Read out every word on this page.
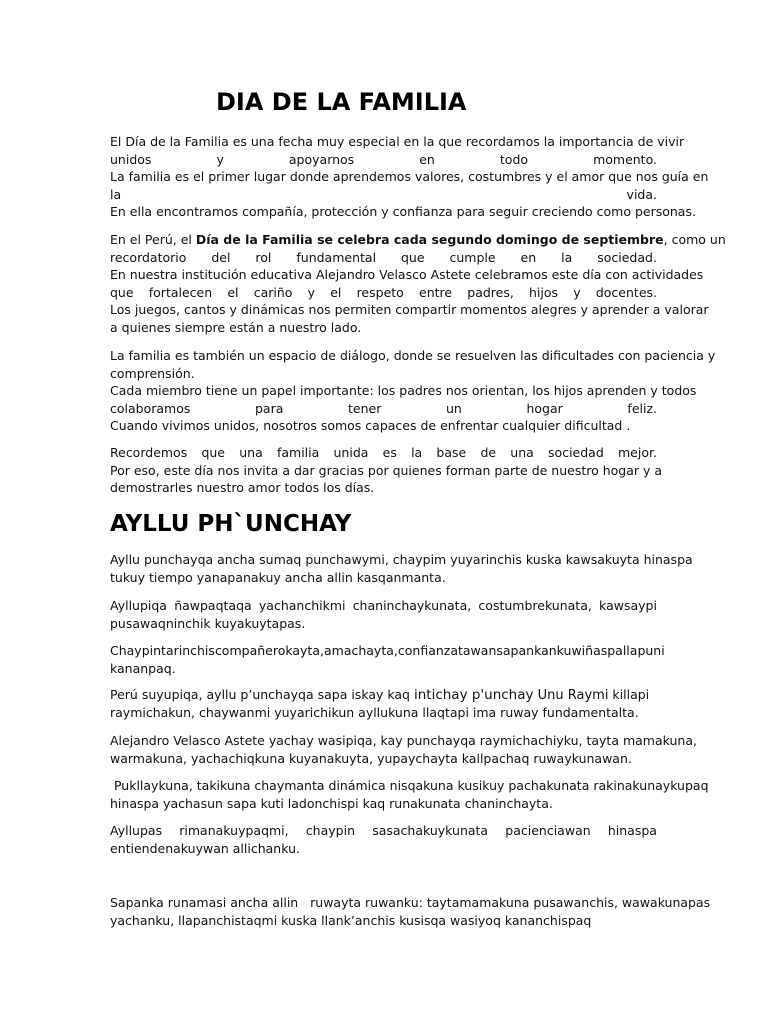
DIA DE LA FAMILIA
El Día de la Familia es una fecha muy especial en la que recordamos la importancia de vivir
unidos	y	apoyarnos	en	todo	momento.
La familia es el primer lugar donde aprendemos valores, costumbres y el amor que nos guía en
la	vida.
En ella encontramos compañía, protección y confianza para seguir creciendo como personas.
En el Perú, el Día de la Familia se celebra cada segundo domingo de septiembre, como un
recordatorio del rol fundamental que cumple en la sociedad.
En nuestra institución educativa Alejandro Velasco Astete celebramos este día con actividades
que fortalecen el cariño y el respeto entre padres, hijos y docentes.
Los juegos, cantos y dinámicas nos permiten compartir momentos alegres y aprender a valorar
a quienes siempre están a nuestro lado.
La familia es también un espacio de diálogo, donde se resuelven las dificultades con paciencia y
comprensión.
Cada miembro tiene un papel importante: los padres nos orientan, los hijos aprenden y todos
colaboramos	para	tener	un	hogar	feliz.
Cuando vivimos unidos, nosotros somos capaces de enfrentar cualquier dificultad .
Recordemos que una familia unida es la base de una sociedad mejor.
Por eso, este día nos invita a dar gracias por quienes forman parte de nuestro hogar y a
demostrarles nuestro amor todos los días.
AYLLU PH`UNCHAY
Ayllu punchayqa ancha sumaq punchawymi, chaypim yuyarinchis kuska kawsakuyta hinaspa
tukuy tiempo yanapanakuy ancha allin kasqanmanta.
Ayllupiqa ñawpaqtaqa yachanchikmi chaninchaykunata, costumbrekunata, kawsaypi
pusawaqninchik kuyakuytapas.
Chaypin tarinchis compañero kayta, amachayta, confianzatawan sapankanku wiñaspallapuni
kananpaq.
Perú suyupiqa, ayllu p’unchayqa sapa iskay kaq intichay p'unchay Unu Raymi killapi
raymichakun, chaywanmi yuyarichikun ayllukuna llaqtapi ima ruway fundamentalta.
Alejandro Velasco Astete yachay wasipiqa, kay punchayqa raymichachiyku, tayta mamakuna,
warmakuna, yachachiqkuna kuyanakuyta, yupaychayta kallpachaq ruwaykunawan.
Pukllaykuna, takikuna chaymanta dinámica nisqakuna kusikuy pachakunata rakinakunaykupaq
hinaspa yachasun sapa kuti ladonchispi kaq runakunata chaninchayta.
Ayllupas rimanakuypaqmi, chaypin sasachakuykunata pacienciawan hinaspa
entiendenakuywan allichanku.
Sapanka runamasi ancha allin   ruwayta ruwanku: taytamamakuna pusawanchis, wawakunapas
yachanku, llapanchistaqmi kuska llank’anchis kusisqa wasiyoq kananchispaq
